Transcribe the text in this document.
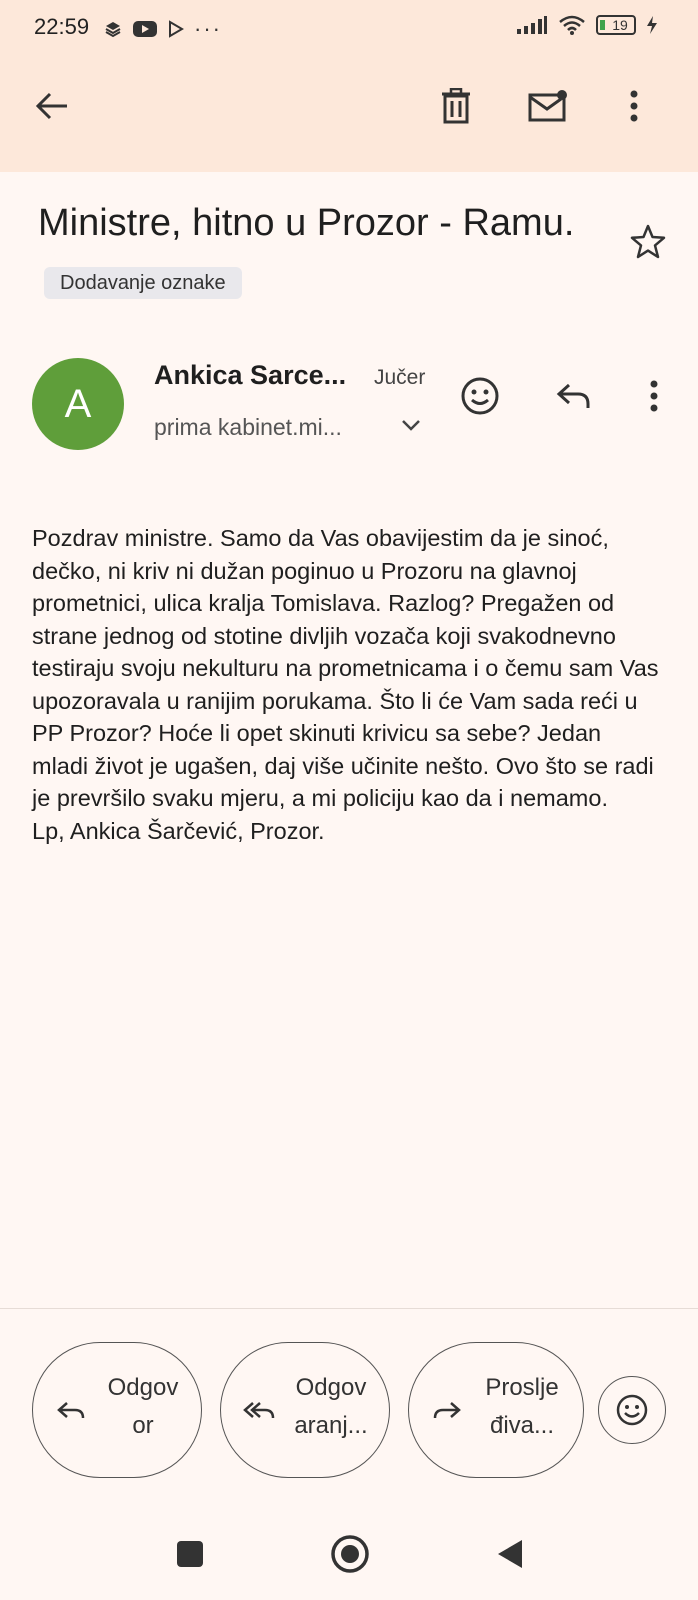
22:59	···	19
Ministre, hitno u Prozor - Ramu. Dodavanje oznake
A
Ankica Sarce... Jučer
prima kabinet.mi...

Pozdrav ministre. Samo da Vas obavijestim da je sinoć, dečko, ni kriv ni dužan poginuo u Prozoru na glavnoj prometnici, ulica kralja Tomislava. Razlog? Pregažen od strane jednog od stotine divljih vozača koji svakodnevno testiraju svoju nekulturu na prometnicama i o čemu sam Vas upozoravala u ranijim porukama. Što li će Vam sada reći u PP Prozor? Hoće li opet skinuti krivicu sa sebe? Jedan mladi život je ugašen, daj više učinite nešto. Ovo što se radi je prevršilo svaku mjeru, a mi policiju kao da i nemamo.
Lp, Ankica Šarčević, Prozor.

Odgov
or
Odgov
aranj...
Proslje
điva...
